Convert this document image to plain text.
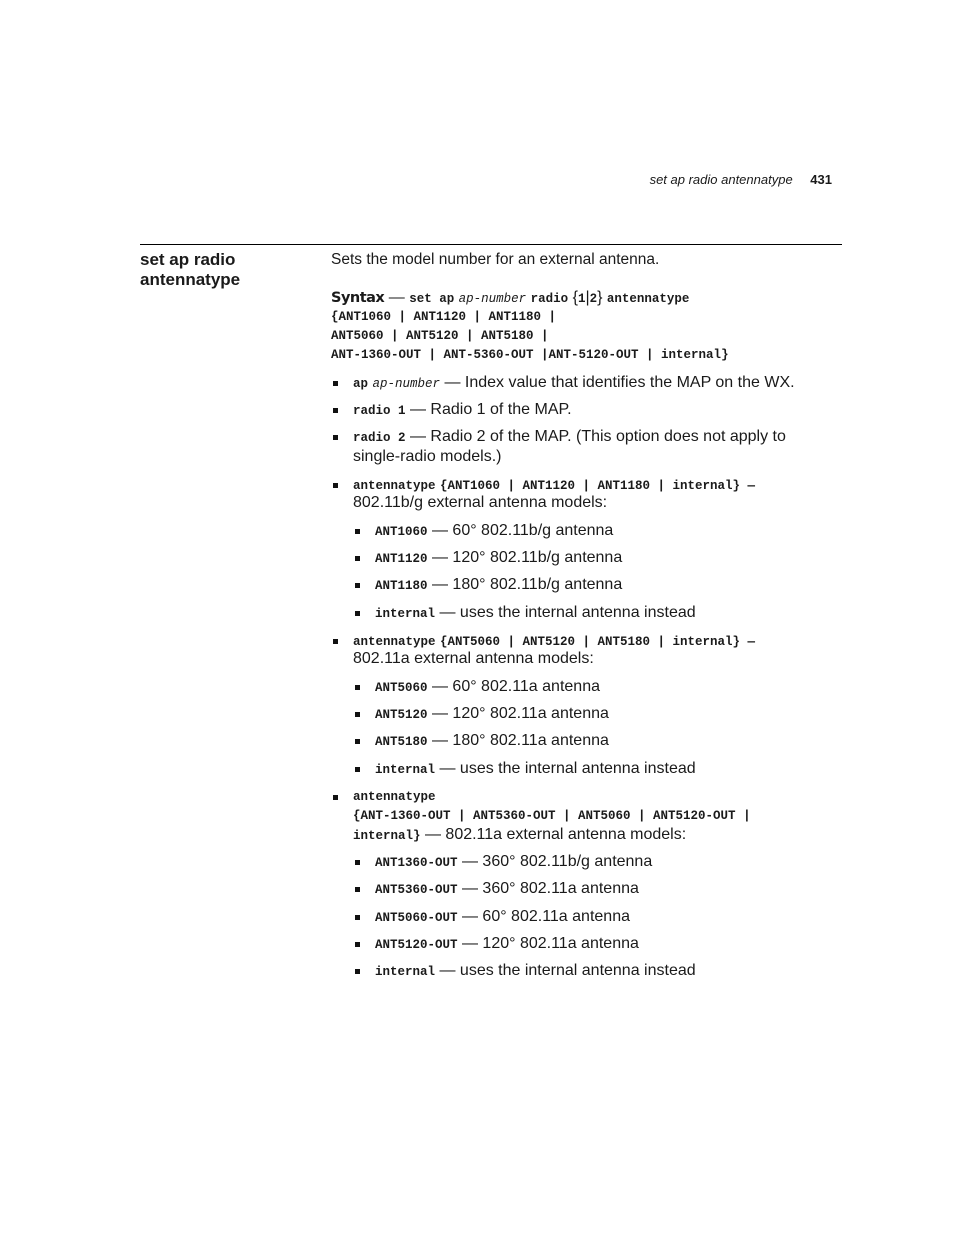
set ap radio antennatype 431
set ap radio
antennatype
Sets the model number for an external antenna.
Syntax — set ap ap-number radio {1|2} antennatype
{ANT1060 | ANT1120 | ANT1180 |
ANT5060 | ANT5120 | ANT5180 |
ANT-1360-OUT | ANT-5360-OUT |ANT-5120-OUT | internal}
ap ap-number — Index value that identifies the MAP on the WX.
radio 1 — Radio 1 of the MAP.
radio 2 — Radio 2 of the MAP. (This option does not apply to
single-radio models.)
antennatype {ANT1060 | ANT1120 | ANT1180 | internal} —
802.11b/g external antenna models:
ANT1060 — 60° 802.11b/g antenna
ANT1120 — 120° 802.11b/g antenna
ANT1180 — 180° 802.11b/g antenna
internal — uses the internal antenna instead
antennatype {ANT5060 | ANT5120 | ANT5180 | internal} —
802.11a external antenna models:
ANT5060 — 60° 802.11a antenna
ANT5120 — 120° 802.11a antenna
ANT5180 — 180° 802.11a antenna
internal — uses the internal antenna instead
antennatype
{ANT-1360-OUT | ANT5360-OUT | ANT5060 | ANT5120-OUT |
internal} — 802.11a external antenna models:
ANT1360-OUT — 360° 802.11b/g antenna
ANT5360-OUT — 360° 802.11a antenna
ANT5060-OUT — 60° 802.11a antenna
ANT5120-OUT — 120° 802.11a antenna
internal — uses the internal antenna instead
